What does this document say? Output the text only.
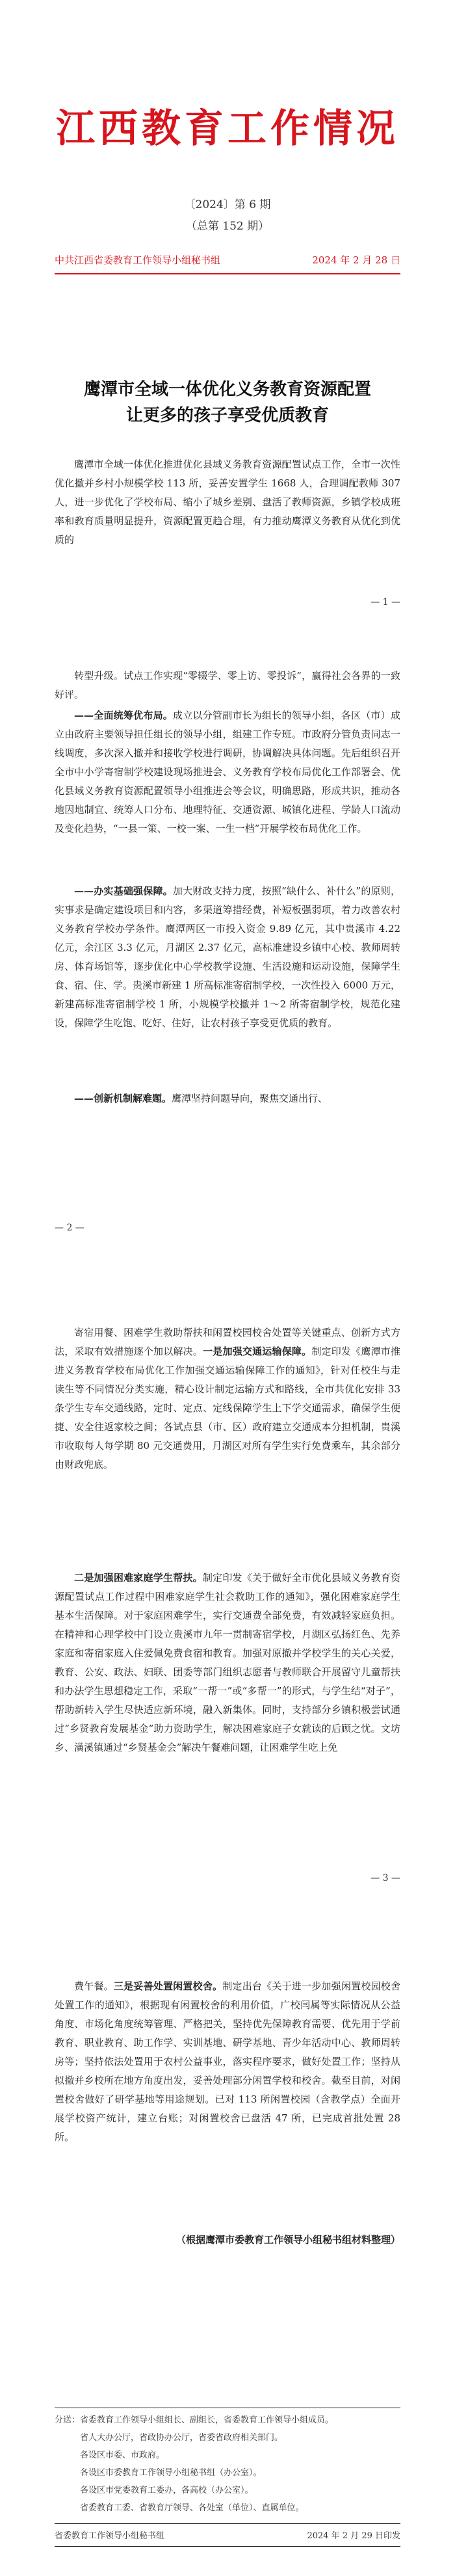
江西教育工作情况
〔2024〕第 6 期
（总第 152 期）
中共江西省委教育工作领导小组秘书组	2024 年 2 月 28 日
鹰潭市全域一体优化义务教育资源配置
让更多的孩子享受优质教育
鹰潭市全域一体优化推进优化县域义务教育资源配置试点工作，全市一次性优化撤并乡村小规模学校 113 所，妥善安置学生 1668 人，合理调配教师 307 人，进一步优化了学校布局、缩小了城乡差别、盘活了教师资源，乡镇学校成班率和教育质量明显提升，资源配置更趋合理，有力推动鹰潭义务教育从优化到优质的
— 1 —
转型升级。试点工作实现“零辍学、零上访、零投诉”，赢得社会各界的一致好评。
——全面统筹优布局。成立以分管副市长为组长的领导小组，各区（市）成立由政府主要领导担任组长的领导小组，组建工作专班。市政府分管负责同志一线调度，多次深入撤并和接收学校进行调研，协调解决具体问题。先后组织召开全市中小学寄宿制学校建设现场推进会、义务教育学校布局优化工作部署会、优化县域义务教育资源配置领导小组推进会等会议，明确思路，形成共识，推动各地因地制宜、统筹人口分布、地理特征、交通资源、城镇化进程、学龄人口流动及变化趋势，“一县一策、一校一案、一生一档”开展学校布局优化工作。
——办实基础强保障。加大财政支持力度，按照“缺什么、补什么”的原则，实事求是确定建设项目和内容，多渠道筹措经费，补短板强弱项，着力改善农村义务教育学校办学条件。鹰潭两区一市投入资金 9.89 亿元，其中贵溪市 4.22 亿元，余江区 3.3 亿元，月湖区 2.37 亿元，高标准建设乡镇中心校、教师周转房、体育场馆等，逐步优化中心学校教学设施、生活设施和运动设施，保障学生食、宿、住、学。贵溪市新建 1 所高标准寄宿制学校，一次性投入 6000 万元，新建高标准寄宿制学校 1 所，小规模学校撤并 1～2 所寄宿制学校，规范化建设，保障学生吃饱、吃好、住好，让农村孩子享受更优质的教育。
——创新机制解难题。鹰潭坚持问题导向，聚焦交通出行、
— 2 —
寄宿用餐、困难学生救助帮扶和闲置校园校舍处置等关键重点、创新方式方法，采取有效措施逐个加以解决。一是加强交通运输保障。制定印发《鹰潭市推进义务教育学校布局优化工作加强交通运输保障工作的通知》，针对任校生与走读生等不同情况分类实施，精心设计制定运输方式和路线，全市共优化安排 33 条学生专车交通线路，定时、定点、定线保障学生上下学交通需求，确保学生便捷、安全往返家校之间；各试点县（市、区）政府建立交通成本分担机制，贵溪市收取每人每学期 80 元交通费用，月湖区对所有学生实行免费乘车，其余部分由财政兜底。
二是加强困难家庭学生帮扶。制定印发《关于做好全市优化县域义务教育资源配置试点工作过程中困难家庭学生社会救助工作的通知》，强化困难家庭学生基本生活保障。对于家庭困难学生，实行交通费全部免费，有效减轻家庭负担。在精神和心理学校中门设立贵溪市九年一贯制寄宿学校，月湖区弘扬红色、先养家庭和寄宿家庭入住爱佩免费食宿和教育。加强对原撤并学校学生的关心关爱，教育、公安、政法、妇联、团委等部门组织志愿者与教师联合开展留守儿童帮扶和办法学生思想稳定工作，采取“一帮一”或“多帮一”的形式，与学生结“对子”，帮助新转入学生尽快适应新环境，融入新集体。同时，支持部分乡镇积极尝试通过“乡贤教育发展基金”助力资助学生，解决困难家庭子女就读的后顾之忧。文坊乡、潢溪镇通过“乡贤基金会”解决午餐难问题，让困难学生吃上免
— 3 —
费午餐。三是妥善处置闲置校舍。制定出台《关于进一步加强闲置校园校舍处置工作的通知》，根据现有闲置校舍的利用价值，广校闫属等实际情况从公益角度、市场化角度统筹管理、严格把关，坚持优先保障教育需要、优先用于学前教育、职业教育、助工作学、实训基地、研学基地、青少年活动中心、教师周转房等；坚持依法处置用于农村公益事业，落实程序要求，做好处置工作；坚持从拟撤并乡校所在地方角度出发，妥善处理部分闲置学校和校舍。截至目前，对闲置校舍做好了研学基地等用途规划。已对 113 所闲置校园（含教学点）全面开展学校资产统计，建立台账；对闲置校舍已盘活 47 所，已完成首批处置 28 所。
（根据鹰潭市委教育工作领导小组秘书组材料整理）
分送：省委教育工作领导小组组长、副组长，省委教育工作领导小组成员。
省人大办公厅，省政协办公厅，省委省政府相关部门。
各设区市委、市政府。
各设区市委教育工作领导小组秘书组（办公室）。
各设区市党委教育工委办，各高校（办公室）。
省委教育工委、省教育厅领导、各处室（单位）、直属单位。
省委教育工作领导小组秘书组	2024 年 2 月 29 日印发
